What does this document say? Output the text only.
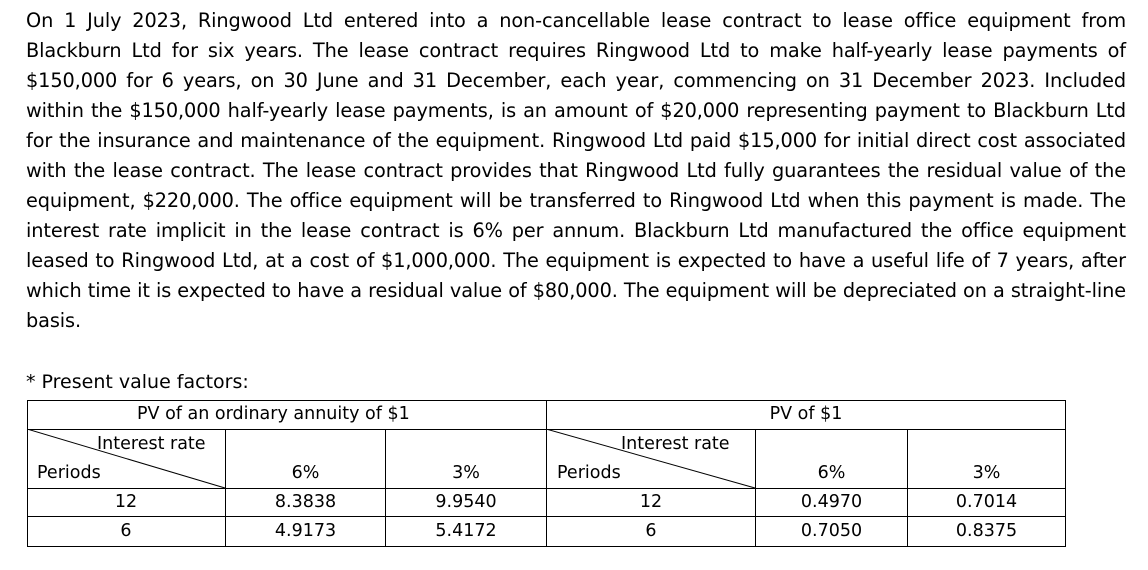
On 1 July 2023, Ringwood Ltd entered into a non-cancellable lease contract to lease office equipment from Blackburn Ltd for six years. The lease contract requires Ringwood Ltd to make half-yearly lease payments of $150,000 for 6 years, on 30 June and 31 December, each year, commencing on 31 December 2023. Included within the $150,000 half-yearly lease payments, is an amount of $20,000 representing payment to Blackburn Ltd for the insurance and maintenance of the equipment. Ringwood Ltd paid $15,000 for initial direct cost associated with the lease contract. The lease contract provides that Ringwood Ltd fully guarantees the residual value of the equipment, $220,000. The office equipment will be transferred to Ringwood Ltd when this payment is made. The interest rate implicit in the lease contract is 6% per annum. Blackburn Ltd manufactured the office equipment leased to Ringwood Ltd, at a cost of $1,000,000. The equipment is expected to have a useful life of 7 years, after which time it is expected to have a residual value of $80,000. The equipment will be depreciated on a straight-line basis.
* Present value factors:
PV of an ordinary annuity of $1
Interest rate
Periods	6%	3%
12	8.3838	9.9540
6	4.9173	5.4172
PV of $1
Interest rate
Periods	6%	3%
12	0.4970	0.7014
6	0.7050	0.8375
